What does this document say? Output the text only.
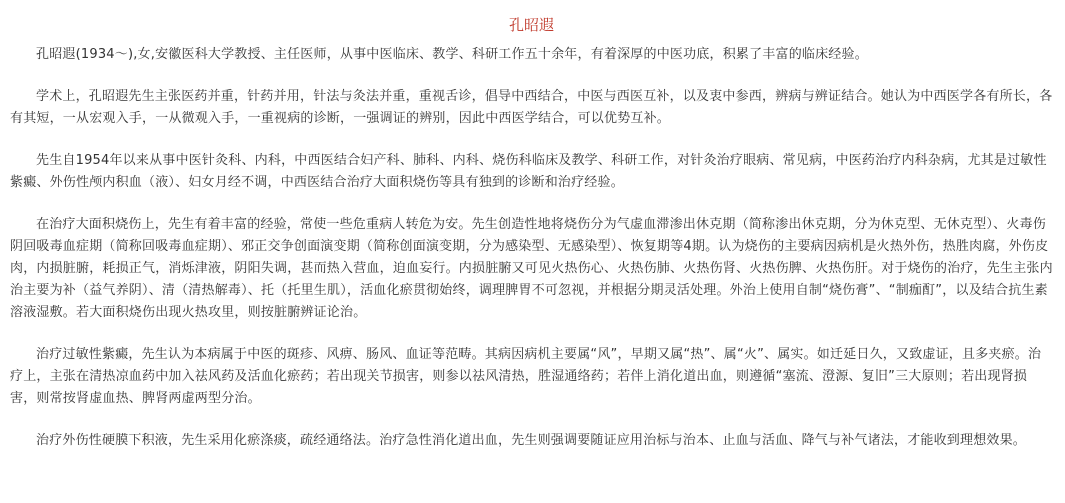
孔昭遐

孔昭遐(1934～),女,安徽医科大学教授、主任医师，从事中医临床、教学、科研工作五十余年，有着深厚的中医功底，积累了丰富的临床经验。

学术上，孔昭遐先生主张医药并重，针药并用，针法与灸法并重，重视舌诊，倡导中西结合，中医与西医互补，以及衷中参西，辨病与辨证结合。她认为中西医学各有所长，各有其短，一从宏观入手，一从微观入手，一重视病的诊断，一强调证的辨别，因此中西医学结合，可以优势互补。

先生自1954年以来从事中医针灸科、内科，中西医结合妇产科、肺科、内科、烧伤科临床及教学、科研工作，对针灸治疗眼病、常见病，中医药治疗内科杂病，尤其是过敏性紫癜、外伤性颅内积血（液）、妇女月经不调，中西医结合治疗大面积烧伤等具有独到的诊断和治疗经验。

在治疗大面积烧伤上，先生有着丰富的经验，常使一些危重病人转危为安。先生创造性地将烧伤分为气虚血滞渗出休克期（简称渗出休克期，分为休克型、无休克型）、火毒伤阴回吸毒血症期（简称回吸毒血症期）、邪正交争创面演变期（简称创面演变期，分为感染型、无感染型）、恢复期等4期。认为烧伤的主要病因病机是火热外伤，热胜肉腐，外伤皮肉，内损脏腑，耗损正气，消烁津液，阴阳失调，甚而热入营血，迫血妄行。内损脏腑又可见火热伤心、火热伤肺、火热伤肾、火热伤脾、火热伤肝。对于烧伤的治疗，先生主张内治主要为补（益气养阴）、清（清热解毒）、托（托里生肌），活血化瘀贯彻始终，调理脾胃不可忽视，并根据分期灵活处理。外治上使用自制“烧伤膏”、“制痂酊”，以及结合抗生素溶液湿敷。若大面积烧伤出现火热攻里，则按脏腑辨证论治。

治疗过敏性紫癜，先生认为本病属于中医的斑疹、风痹、肠风、血证等范畴。其病因病机主要属“风”，早期又属“热”、属“火”、属实。如迁延日久，又致虚证，且多夹瘀。治疗上，主张在清热凉血药中加入祛风药及活血化瘀药；若出现关节损害，则参以祛风清热，胜湿通络药；若伴上消化道出血，则遵循“塞流、澄源、复旧”三大原则；若出现肾损害，则常按肾虚血热、脾肾两虚两型分治。

治疗外伤性硬膜下积液，先生采用化瘀涤痰，疏经通络法。治疗急性消化道出血，先生则强调要随证应用治标与治本、止血与活血、降气与补气诸法，才能收到理想效果。
